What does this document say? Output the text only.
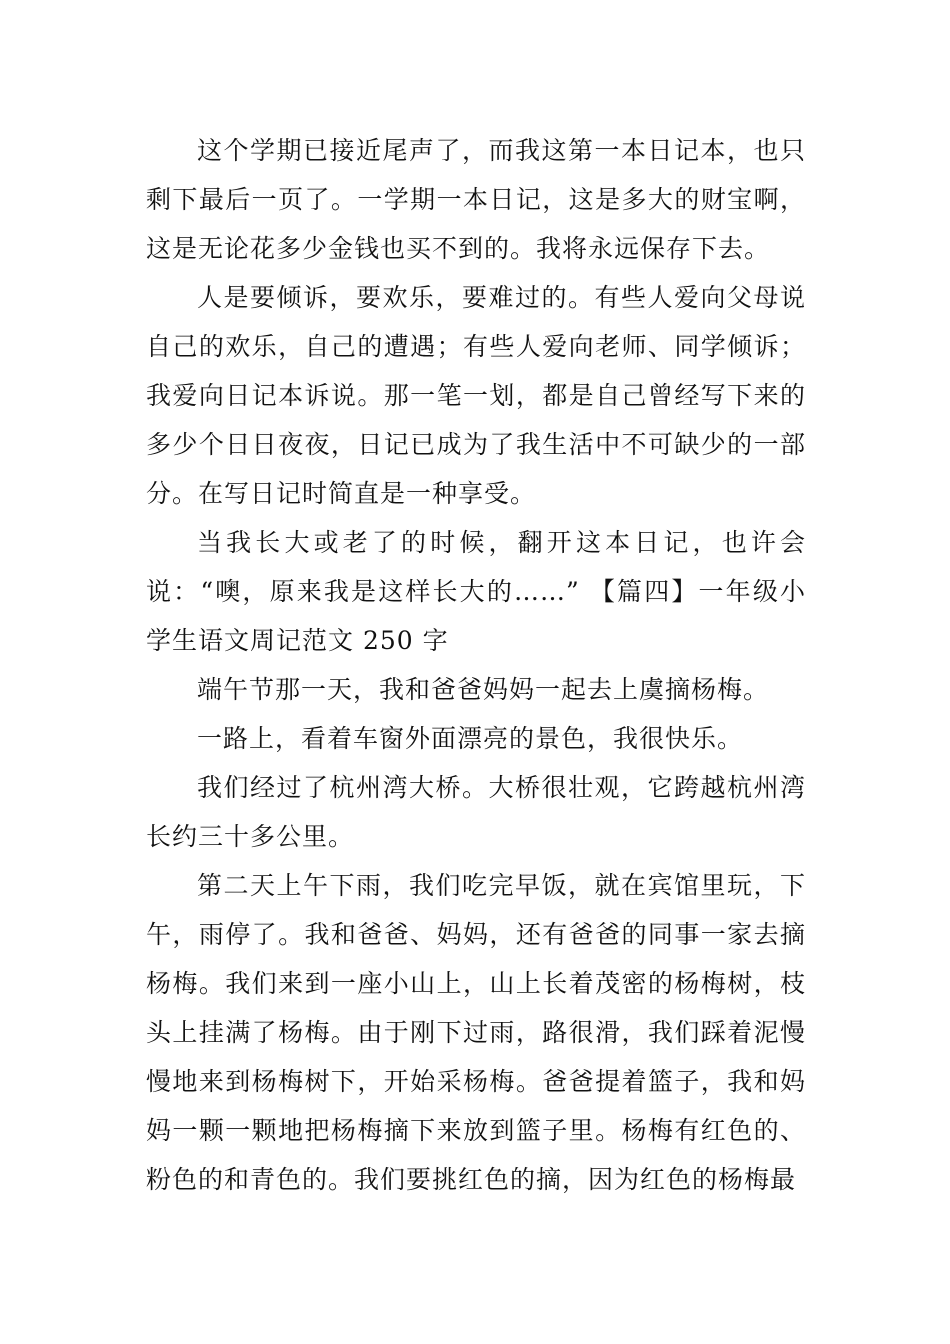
这个学期已接近尾声了，而我这第一本日记本，也只剩下最后一页了。一学期一本日记，这是多大的财宝啊，这是无论花多少金钱也买不到的。我将永远保存下去。

人是要倾诉，要欢乐，要难过的。有些人爱向父母说自己的欢乐，自己的遭遇；有些人爱向老师、同学倾诉；我爱向日记本诉说。那一笔一划，都是自己曾经写下来的多少个日日夜夜，日记已成为了我生活中不可缺少的一部分。在写日记时简直是一种享受。

当我长大或老了的时候，翻开这本日记，也许会说：“噢，原来我是这样长大的……” 【篇四】一年级小学生语文周记范文 250 字

端午节那一天，我和爸爸妈妈一起去上虞摘杨梅。

一路上，看着车窗外面漂亮的景色，我很快乐。

我们经过了杭州湾大桥。大桥很壮观，它跨越杭州湾长约三十多公里。

第二天上午下雨，我们吃完早饭，就在宾馆里玩，下午，雨停了。我和爸爸、妈妈，还有爸爸的同事一家去摘杨梅。我们来到一座小山上，山上长着茂密的杨梅树，枝头上挂满了杨梅。由于刚下过雨，路很滑，我们踩着泥慢慢地来到杨梅树下，开始采杨梅。爸爸提着篮子，我和妈妈一颗一颗地把杨梅摘下来放到篮子里。杨梅有红色的、粉色的和青色的。我们要挑红色的摘，因为红色的杨梅最
